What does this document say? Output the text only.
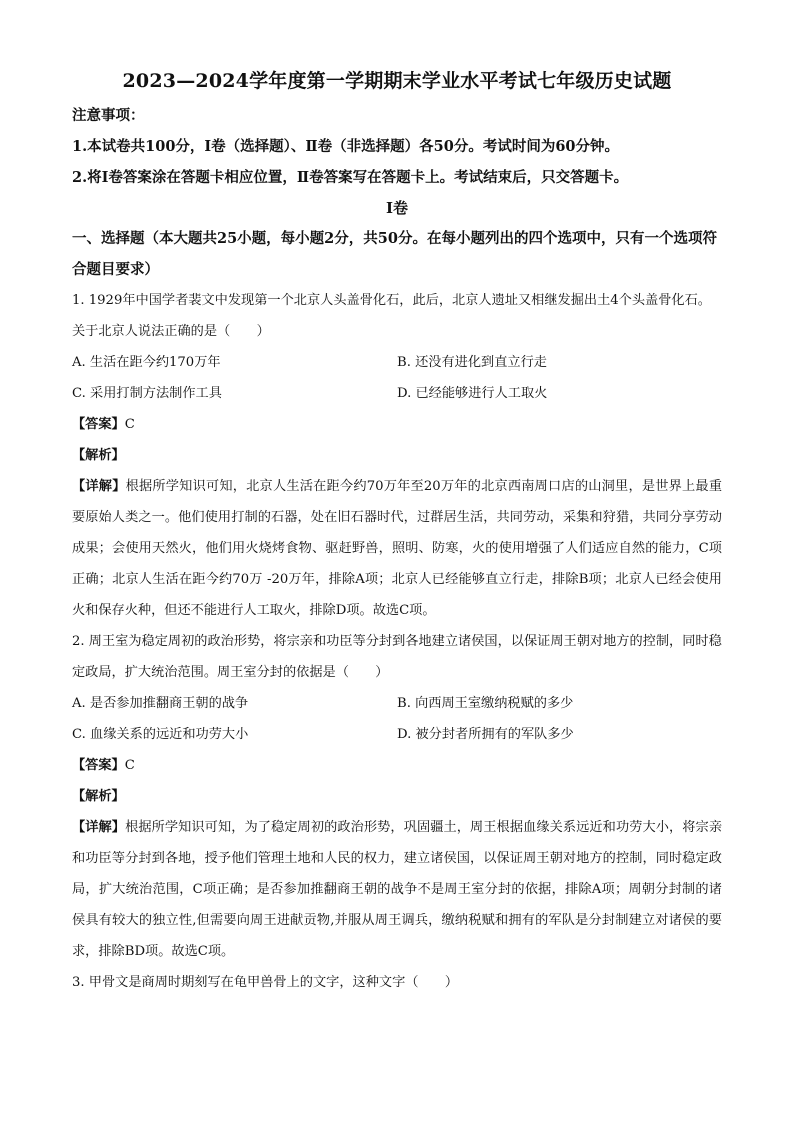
2023—2024学年度第一学期期末学业水平考试七年级历史试题
注意事项：
1.本试卷共100分，Ⅰ卷（选择题）、Ⅱ卷（非选择题）各50分。考试时间为60分钟。
2.将Ⅰ卷答案涂在答题卡相应位置，Ⅱ卷答案写在答题卡上。考试结束后，只交答题卡。
Ⅰ卷
一、选择题（本大题共25小题，每小题2分，共50分。在每小题列出的四个选项中，只有一个选项符合题目要求）
1. 1929年中国学者裴文中发现第一个北京人头盖骨化石，此后，北京人遗址又相继发掘出土4个头盖骨化石。关于北京人说法正确的是（　　）
A. 生活在距今约170万年	B. 还没有进化到直立行走
C. 采用打制方法制作工具	D. 已经能够进行人工取火
【答案】C
【解析】
【详解】根据所学知识可知，北京人生活在距今约70万年至20万年的北京西南周口店的山洞里，是世界上最重要原始人类之一。他们使用打制的石器，处在旧石器时代，过群居生活，共同劳动，采集和狩猎，共同分享劳动成果；会使用天然火，他们用火烧烤食物、驱赶野兽，照明、防寒，火的使用增强了人们适应自然的能力，C项正确；北京人生活在距今约70万 -20万年，排除A项；北京人已经能够直立行走，排除B项；北京人已经会使用火和保存火种，但还不能进行人工取火，排除D项。故选C项。
2. 周王室为稳定周初的政治形势，将宗亲和功臣等分封到各地建立诸侯国，以保证周王朝对地方的控制，同时稳定政局，扩大统治范围。周王室分封的依据是（　　）
A. 是否参加推翻商王朝的战争	B. 向西周王室缴纳税赋的多少
C. 血缘关系的远近和功劳大小	D. 被分封者所拥有的军队多少
【答案】C
【解析】
【详解】根据所学知识可知，为了稳定周初的政治形势，巩固疆土，周王根据血缘关系远近和功劳大小，将宗亲和功臣等分封到各地，授予他们管理土地和人民的权力，建立诸侯国，以保证周王朝对地方的控制，同时稳定政局，扩大统治范围，C项正确；是否参加推翻商王朝的战争不是周王室分封的依据，排除A项；周朝分封制的诸侯具有较大的独立性,但需要向周王进献贡物,并服从周王调兵，缴纳税赋和拥有的军队是分封制建立对诸侯的要求，排除BD项。故选C项。
3. 甲骨文是商周时期刻写在龟甲兽骨上的文字，这种文字（　　）
